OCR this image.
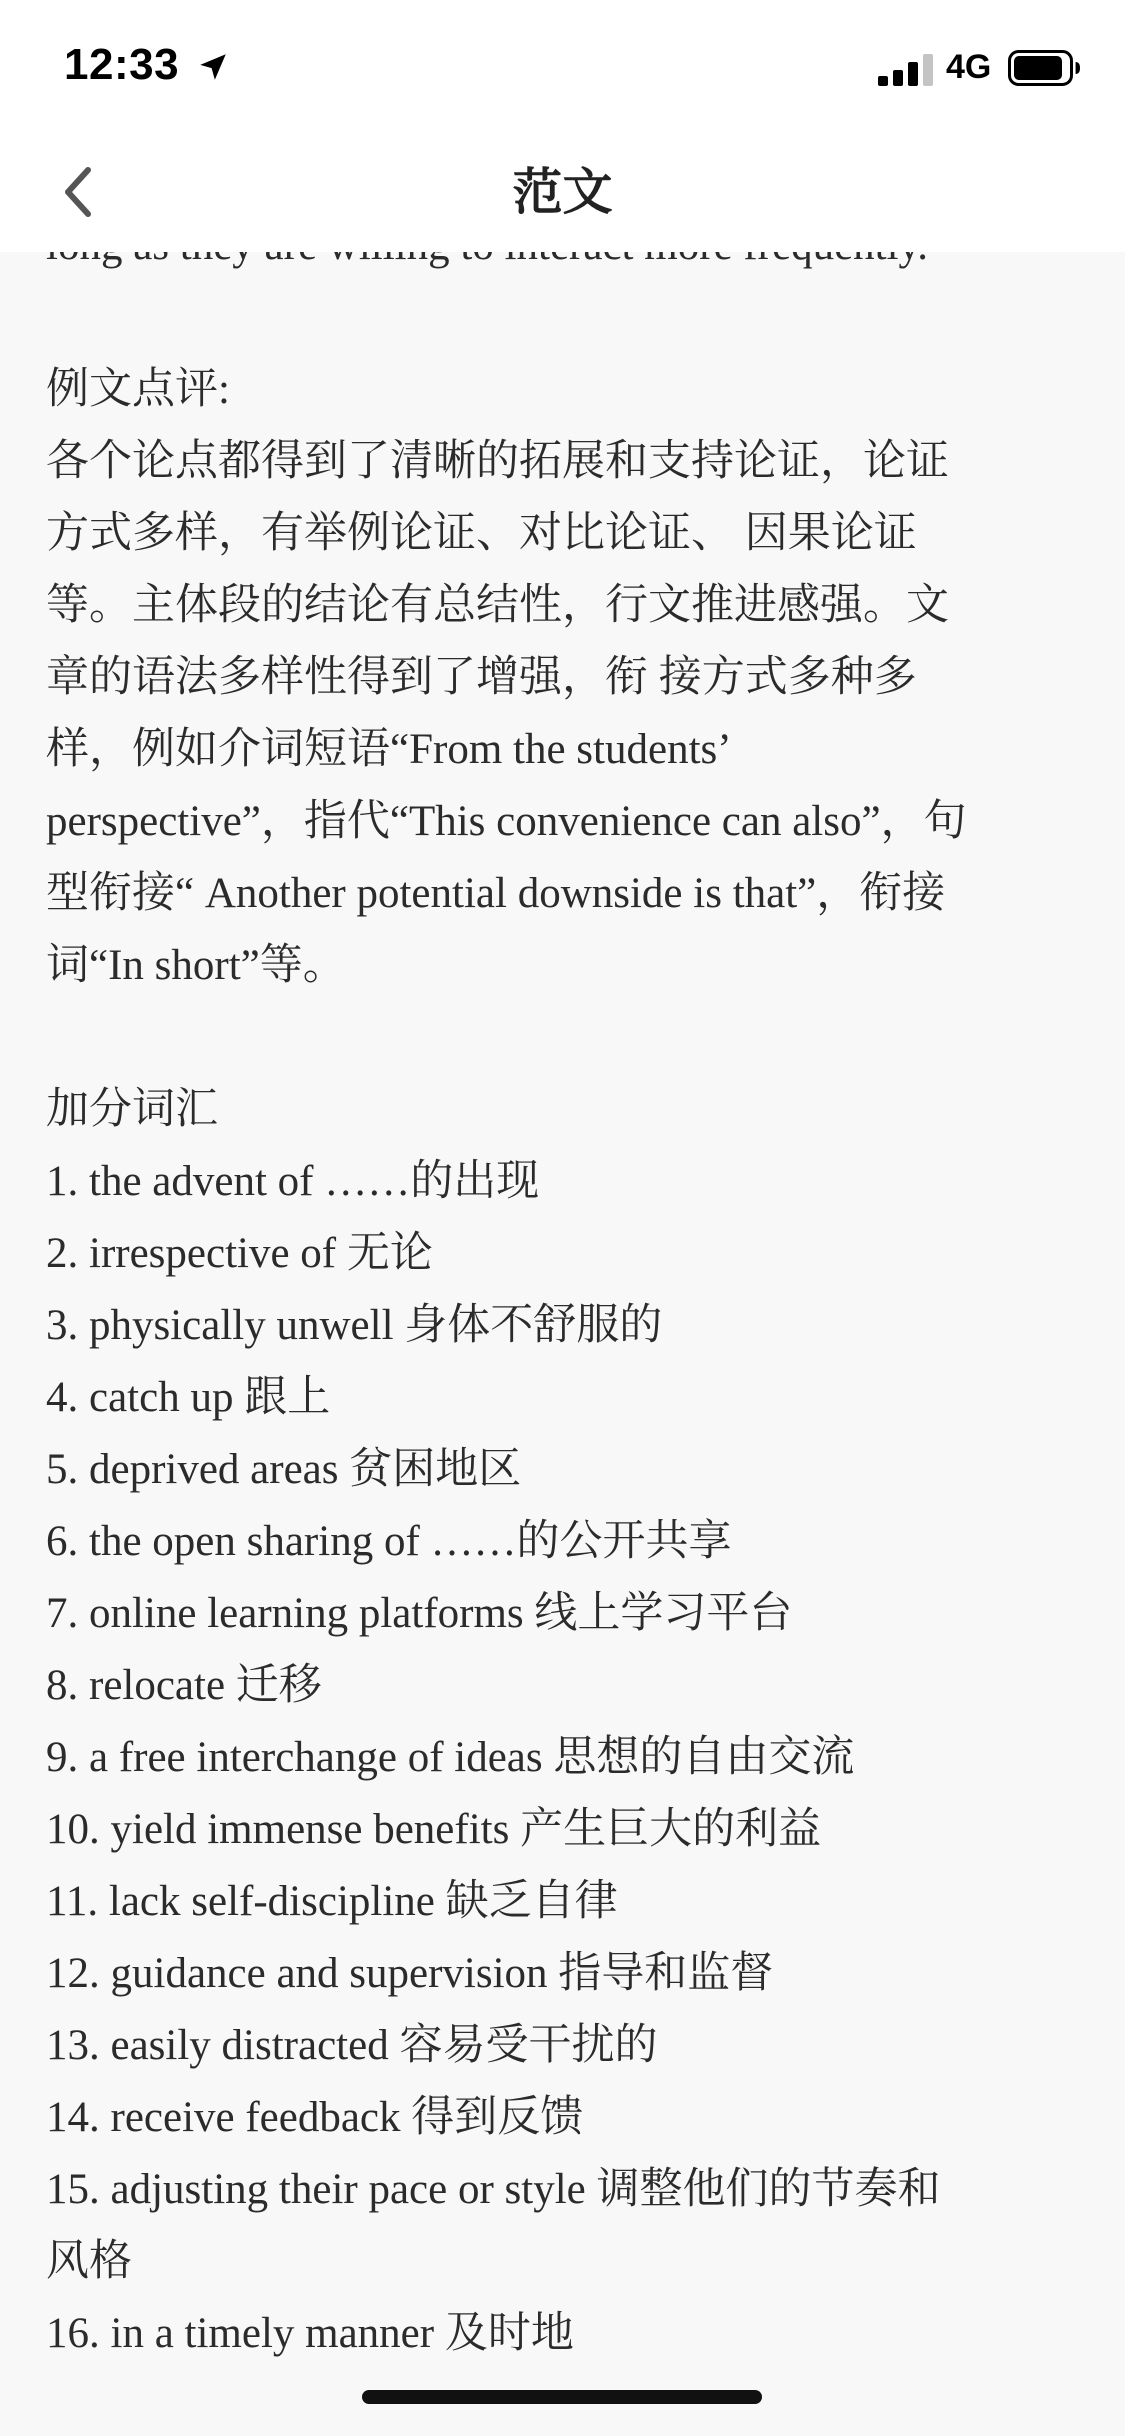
12:33	4G
范文
例文点评:
各个论点都得到了清晰的拓展和支持论证，论证
方式多样，有举例论证、对比论证、 因果论证
等。主体段的结论有总结性，行文推进感强。文
章的语法多样性得到了增强，衔 接方式多种多
样，例如介词短语“From the students’
perspective”，指代“This convenience can also”，句
型衔接“ Another potential downside is that”，衔接
词“In short”等。
加分词汇
1. the advent of ……的出现
2. irrespective of 无论
3. physically unwell 身体不舒服的
4. catch up 跟上
5. deprived areas 贫困地区
6. the open sharing of ……的公开共享
7. online learning platforms 线上学习平台
8. relocate 迁移
9. a free interchange of ideas 思想的自由交流
10. yield immense benefits 产生巨大的利益
11. lack self-discipline 缺乏自律
12. guidance and supervision 指导和监督
13. easily distracted 容易受干扰的
14. receive feedback 得到反馈
15. adjusting their pace or style 调整他们的节奏和
风格
16. in a timely manner 及时地
